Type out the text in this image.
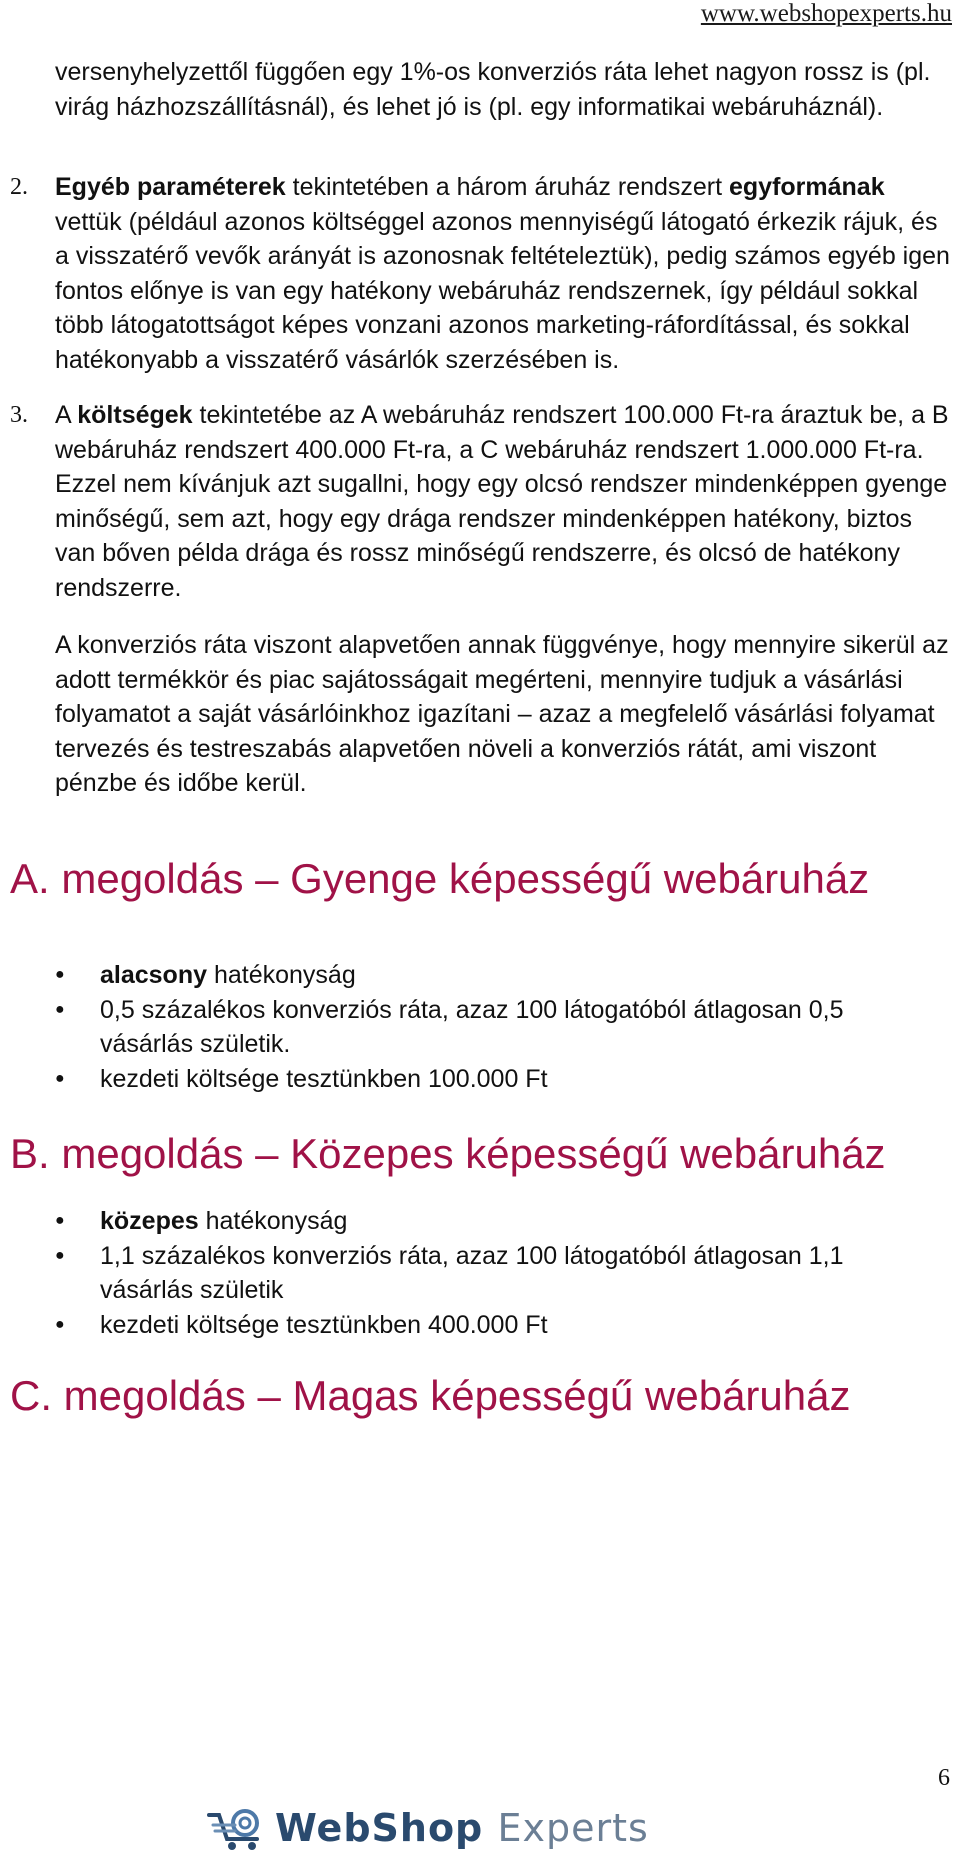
www.webshopexperts.hu

versenyhelyzettől függően egy 1%-os konverziós ráta lehet nagyon rossz is (pl. virág házhozszállításnál), és lehet jó is (pl. egy informatikai webáruháznál).

2. Egyéb paraméterek tekintetében a három áruház rendszert egyformának vettük (például azonos költséggel azonos mennyiségű látogató érkezik rájuk, és a visszatérő vevők arányát is azonosnak feltételeztük), pedig számos egyéb igen fontos előnye is van egy hatékony webáruház rendszernek, így például sokkal több látogatottságot képes vonzani azonos marketing-ráfordítással, és sokkal hatékonyabb a visszatérő vásárlók szerzésében is.

3. A költségek tekintetébe az A webáruház rendszert 100.000 Ft-ra áraztuk be, a B webáruház rendszert 400.000 Ft-ra, a C webáruház rendszert 1.000.000 Ft-ra. Ezzel nem kívánjuk azt sugallni, hogy egy olcsó rendszer mindenképpen gyenge minőségű, sem azt, hogy egy drága rendszer mindenképpen hatékony, biztos van bőven példa drága és rossz minőségű rendszerre, és olcsó de hatékony rendszerre.

A konverziós ráta viszont alapvetően annak függvénye, hogy mennyire sikerül az adott termékkör és piac sajátosságait megérteni, mennyire tudjuk a vásárlási folyamatot a saját vásárlóinkhoz igazítani – azaz a megfelelő vásárlási folyamat tervezés és testreszabás alapvetően növeli a konverziós rátát, ami viszont pénzbe és időbe kerül.

A. megoldás – Gyenge képességű webáruház
● alacsony hatékonyság
● 0,5 százalékos konverziós ráta, azaz 100 látogatóból átlagosan 0,5 vásárlás születik.
● kezdeti költsége tesztünkben 100.000 Ft
B. megoldás – Közepes képességű webáruház
● közepes hatékonyság
● 1,1 százalékos konverziós ráta, azaz 100 látogatóból átlagosan 1,1 vásárlás születik
● kezdeti költsége tesztünkben 400.000 Ft
C. megoldás – Magas képességű webáruház
6
WebShop Experts
